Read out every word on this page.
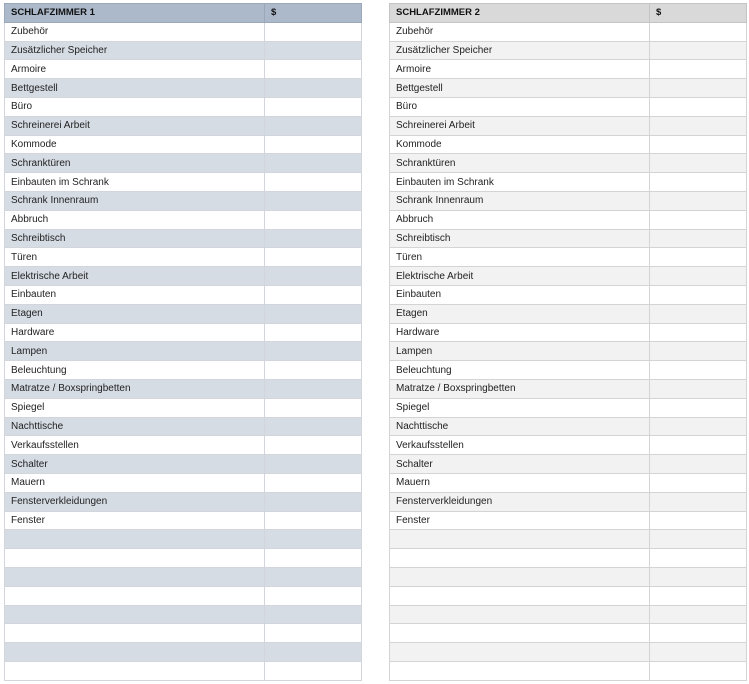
SCHLAFZIMMER 1	$
Zubehör	
Zusätzlicher Speicher	
Armoire	
Bettgestell	
Büro	
Schreinerei Arbeit	
Kommode	
Schranktüren	
Einbauten im Schrank	
Schrank Innenraum	
Abbruch	
Schreibtisch	
Türen	
Elektrische Arbeit	
Einbauten	
Etagen	
Hardware	
Lampen	
Beleuchtung	
Matratze / Boxspringbetten	
Spiegel	
Nachttische	
Verkaufsstellen	
Schalter	
Mauern	
Fensterverkleidungen	
Fenster	

SCHLAFZIMMER 2	$
Zubehör	
Zusätzlicher Speicher	
Armoire	
Bettgestell	
Büro	
Schreinerei Arbeit	
Kommode	
Schranktüren	
Einbauten im Schrank	
Schrank Innenraum	
Abbruch	
Schreibtisch	
Türen	
Elektrische Arbeit	
Einbauten	
Etagen	
Hardware	
Lampen	
Beleuchtung	
Matratze / Boxspringbetten	
Spiegel	
Nachttische	
Verkaufsstellen	
Schalter	
Mauern	
Fensterverkleidungen	
Fenster	
